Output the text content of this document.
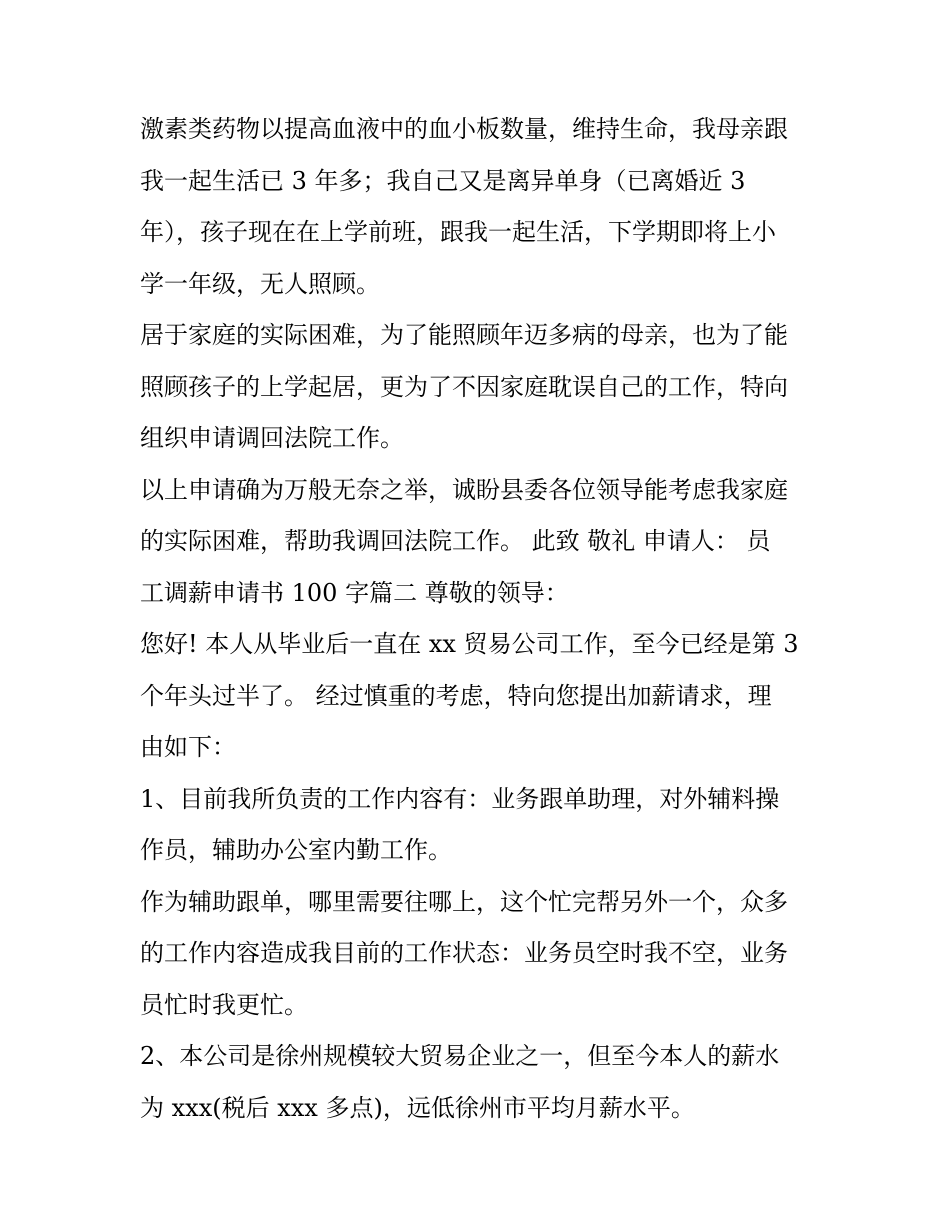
激素类药物以提高血液中的血小板数量，维持生命，我母亲跟
我一起生活已 3 年多；我自己又是离异单身（已离婚近 3
年），孩子现在在上学前班，跟我一起生活，下学期即将上小
学一年级，无人照顾。
居于家庭的实际困难，为了能照顾年迈多病的母亲，也为了能
照顾孩子的上学起居，更为了不因家庭耽误自己的工作，特向
组织申请调回法院工作。
以上申请确为万般无奈之举，诚盼县委各位领导能考虑我家庭
的实际困难，帮助我调回法院工作。 此致 敬礼 申请人： 员
工调薪申请书 100 字篇二 尊敬的领导：
您好! 本人从毕业后一直在 xx 贸易公司工作，至今已经是第 3
个年头过半了。 经过慎重的考虑，特向您提出加薪请求，理
由如下：
1、目前我所负责的工作内容有：业务跟单助理，对外辅料操
作员，辅助办公室内勤工作。
作为辅助跟单，哪里需要往哪上，这个忙完帮另外一个，众多
的工作内容造成我目前的工作状态：业务员空时我不空，业务
员忙时我更忙。
2、本公司是徐州规模较大贸易企业之一，但至今本人的薪水
为 xxx(税后 xxx 多点)，远低徐州市平均月薪水平。
